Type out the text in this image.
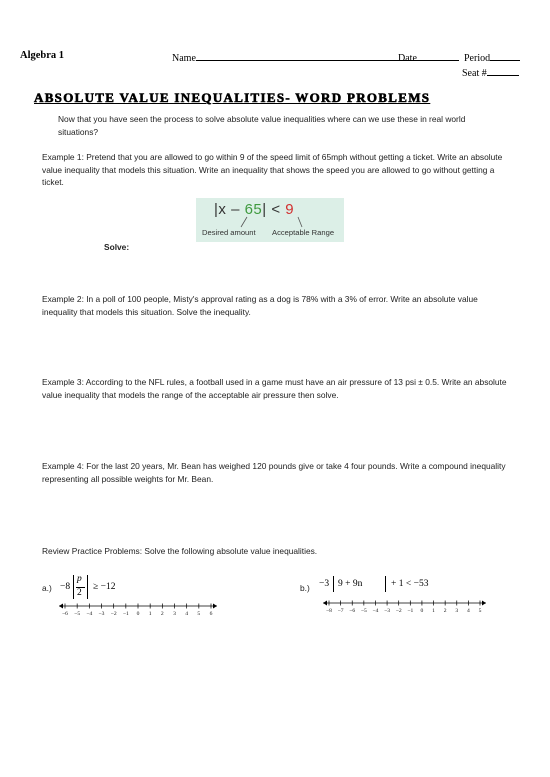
Algebra 1	Name	Date	Period
Seat #
ABSOLUTE VALUE INEQUALITIES- WORD PROBLEMS
Now that you have seen the process to solve absolute value inequalities where can we use these in real world situations?
Example 1: Pretend that you are allowed to go within 9 of the speed limit of 65mph without getting a ticket. Write an absolute value inequality that models this situation. Write an inequality that shows the speed you are allowed to go without getting a ticket.
|x – 65| < 9
Desired amount Acceptable Range
Solve:
Example 2: In a poll of 100 people, Misty's approval rating as a dog is 78% with a 3% of error. Write an absolute value inequality that models this situation. Solve the inequality.
Example 3: According to the NFL rules, a football used in a game must have an air pressure of 13 psi ± 0.5. Write an absolute value inequality that models the range of the acceptable air pressure then solve.
Example 4: For the last 20 years, Mr. Bean has weighed 120 pounds give or take 4 four pounds. Write a compound inequality representing all possible weights for Mr. Bean.
Review Practice Problems: Solve the following absolute value inequalities.
a.) −8
p
2
≥ −12
−6 −5 −4 −3 −2 −1	0	1	2	3	4	5	6
b.) −3 9 + 9n	+ 1 < −53
−8 −7 −6 −5 −4 −3 −2 −1	0	1	2	3	4	5
